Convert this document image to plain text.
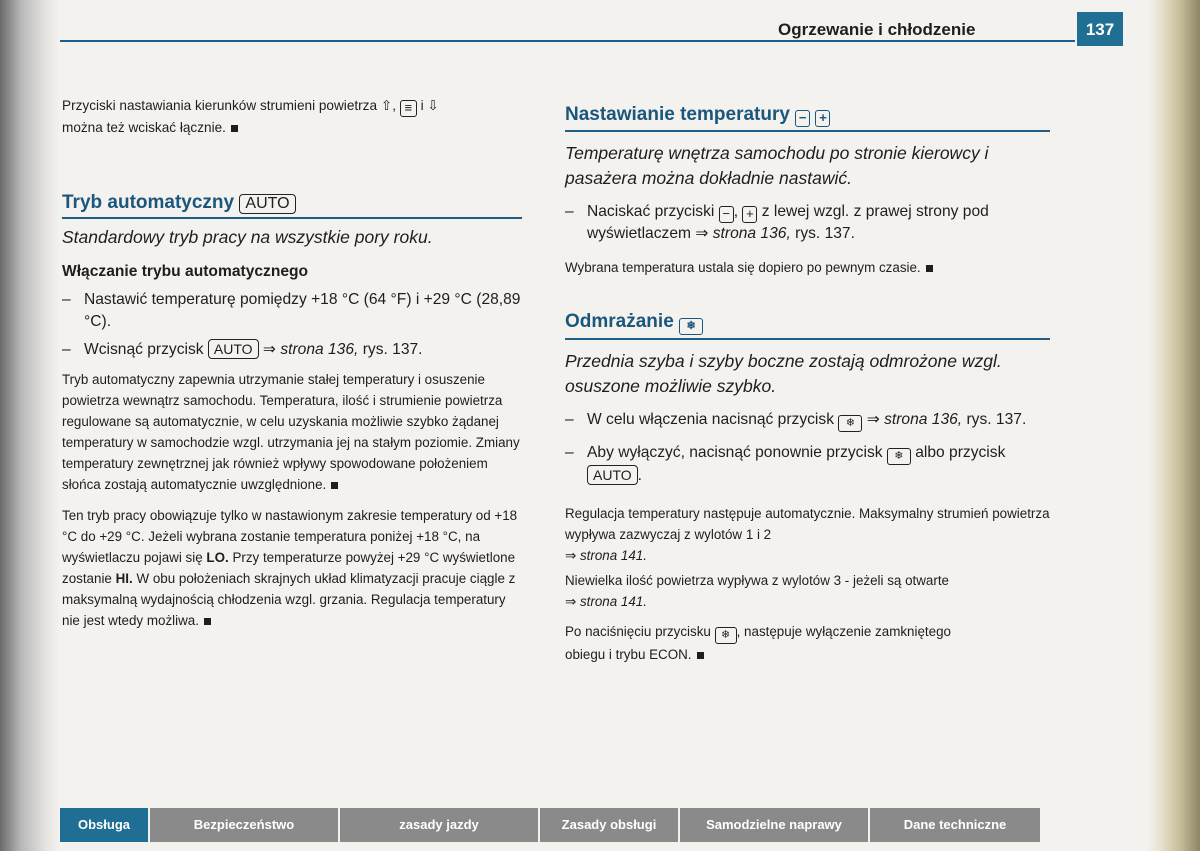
Ogrzewanie i chłodzenie	137

Przyciski nastawiania kierunków strumieni powietrza ⇧, ≡ i ⇩
można też wciskać łącznie.

Tryb automatyczny AUTO

Standardowy tryb pracy na wszystkie pory roku.

Włączanie trybu automatycznego
– Nastawić temperaturę pomiędzy +18 °C (64 °F) i +29 °C (28,89 °C).
– Wcisnąć przycisk AUTO ⇒ strona 136, rys. 137.

Tryb automatyczny zapewnia utrzymanie stałej temperatury i osuszenie powietrza wewnątrz samochodu. Temperatura, ilość i strumienie powietrza regulowane są automatycznie, w celu uzyskania możliwie szybko żądanej temperatury w samochodzie wzgl. utrzymania jej na stałym poziomie. Zmiany temperatury zewnętrznej jak również wpływy spowodowane położeniem słońca zostają automatycznie uwzględnione.

Ten tryb pracy obowiązuje tylko w nastawionym zakresie temperatury od +18 °C do +29 °C. Jeżeli wybrana zostanie temperatura poniżej +18 °C, na wyświetlaczu pojawi się LO. Przy temperaturze powyżej +29 °C wyświetlone zostanie HI. W obu położeniach skrajnych układ klimatyzacji pracuje ciągle z maksymalną wydajnością chłodzenia wzgl. grzania. Regulacja temperatury nie jest wtedy możliwa.

Nastawianie temperatury − +

Temperaturę wnętrza samochodu po stronie kierowcy i pasażera można dokładnie nastawić.

– Naciskać przyciski − , + z lewej wzgl. z prawej strony pod wyświetlaczem ⇒ strona 136, rys. 137.

Wybrana temperatura ustala się dopiero po pewnym czasie.

Odmrażanie ❄

Przednia szyba i szyby boczne zostają odmrożone wzgl. osuszone możliwie szybko.

– W celu włączenia nacisnąć przycisk ❄ ⇒ strona 136, rys. 137.
– Aby wyłączyć, nacisnąć ponownie przycisk ❄ albo przycisk AUTO .

Regulacja temperatury następuje automatycznie. Maksymalny strumień powietrza wypływa zazwyczaj z wylotów 1 i 2
⇒ strona 141.

Niewielka ilość powietrza wypływa z wylotów 3 - jeżeli są otwarte
⇒ strona 141.

Po naciśnięciu przycisku ❄ , następuje wyłączenie zamkniętego obiegu i trybu ECON.

Obsługa	Bezpieczeństwo	zasady jazdy	Zasady obsługi	Samodzielne naprawy	Dane techniczne
